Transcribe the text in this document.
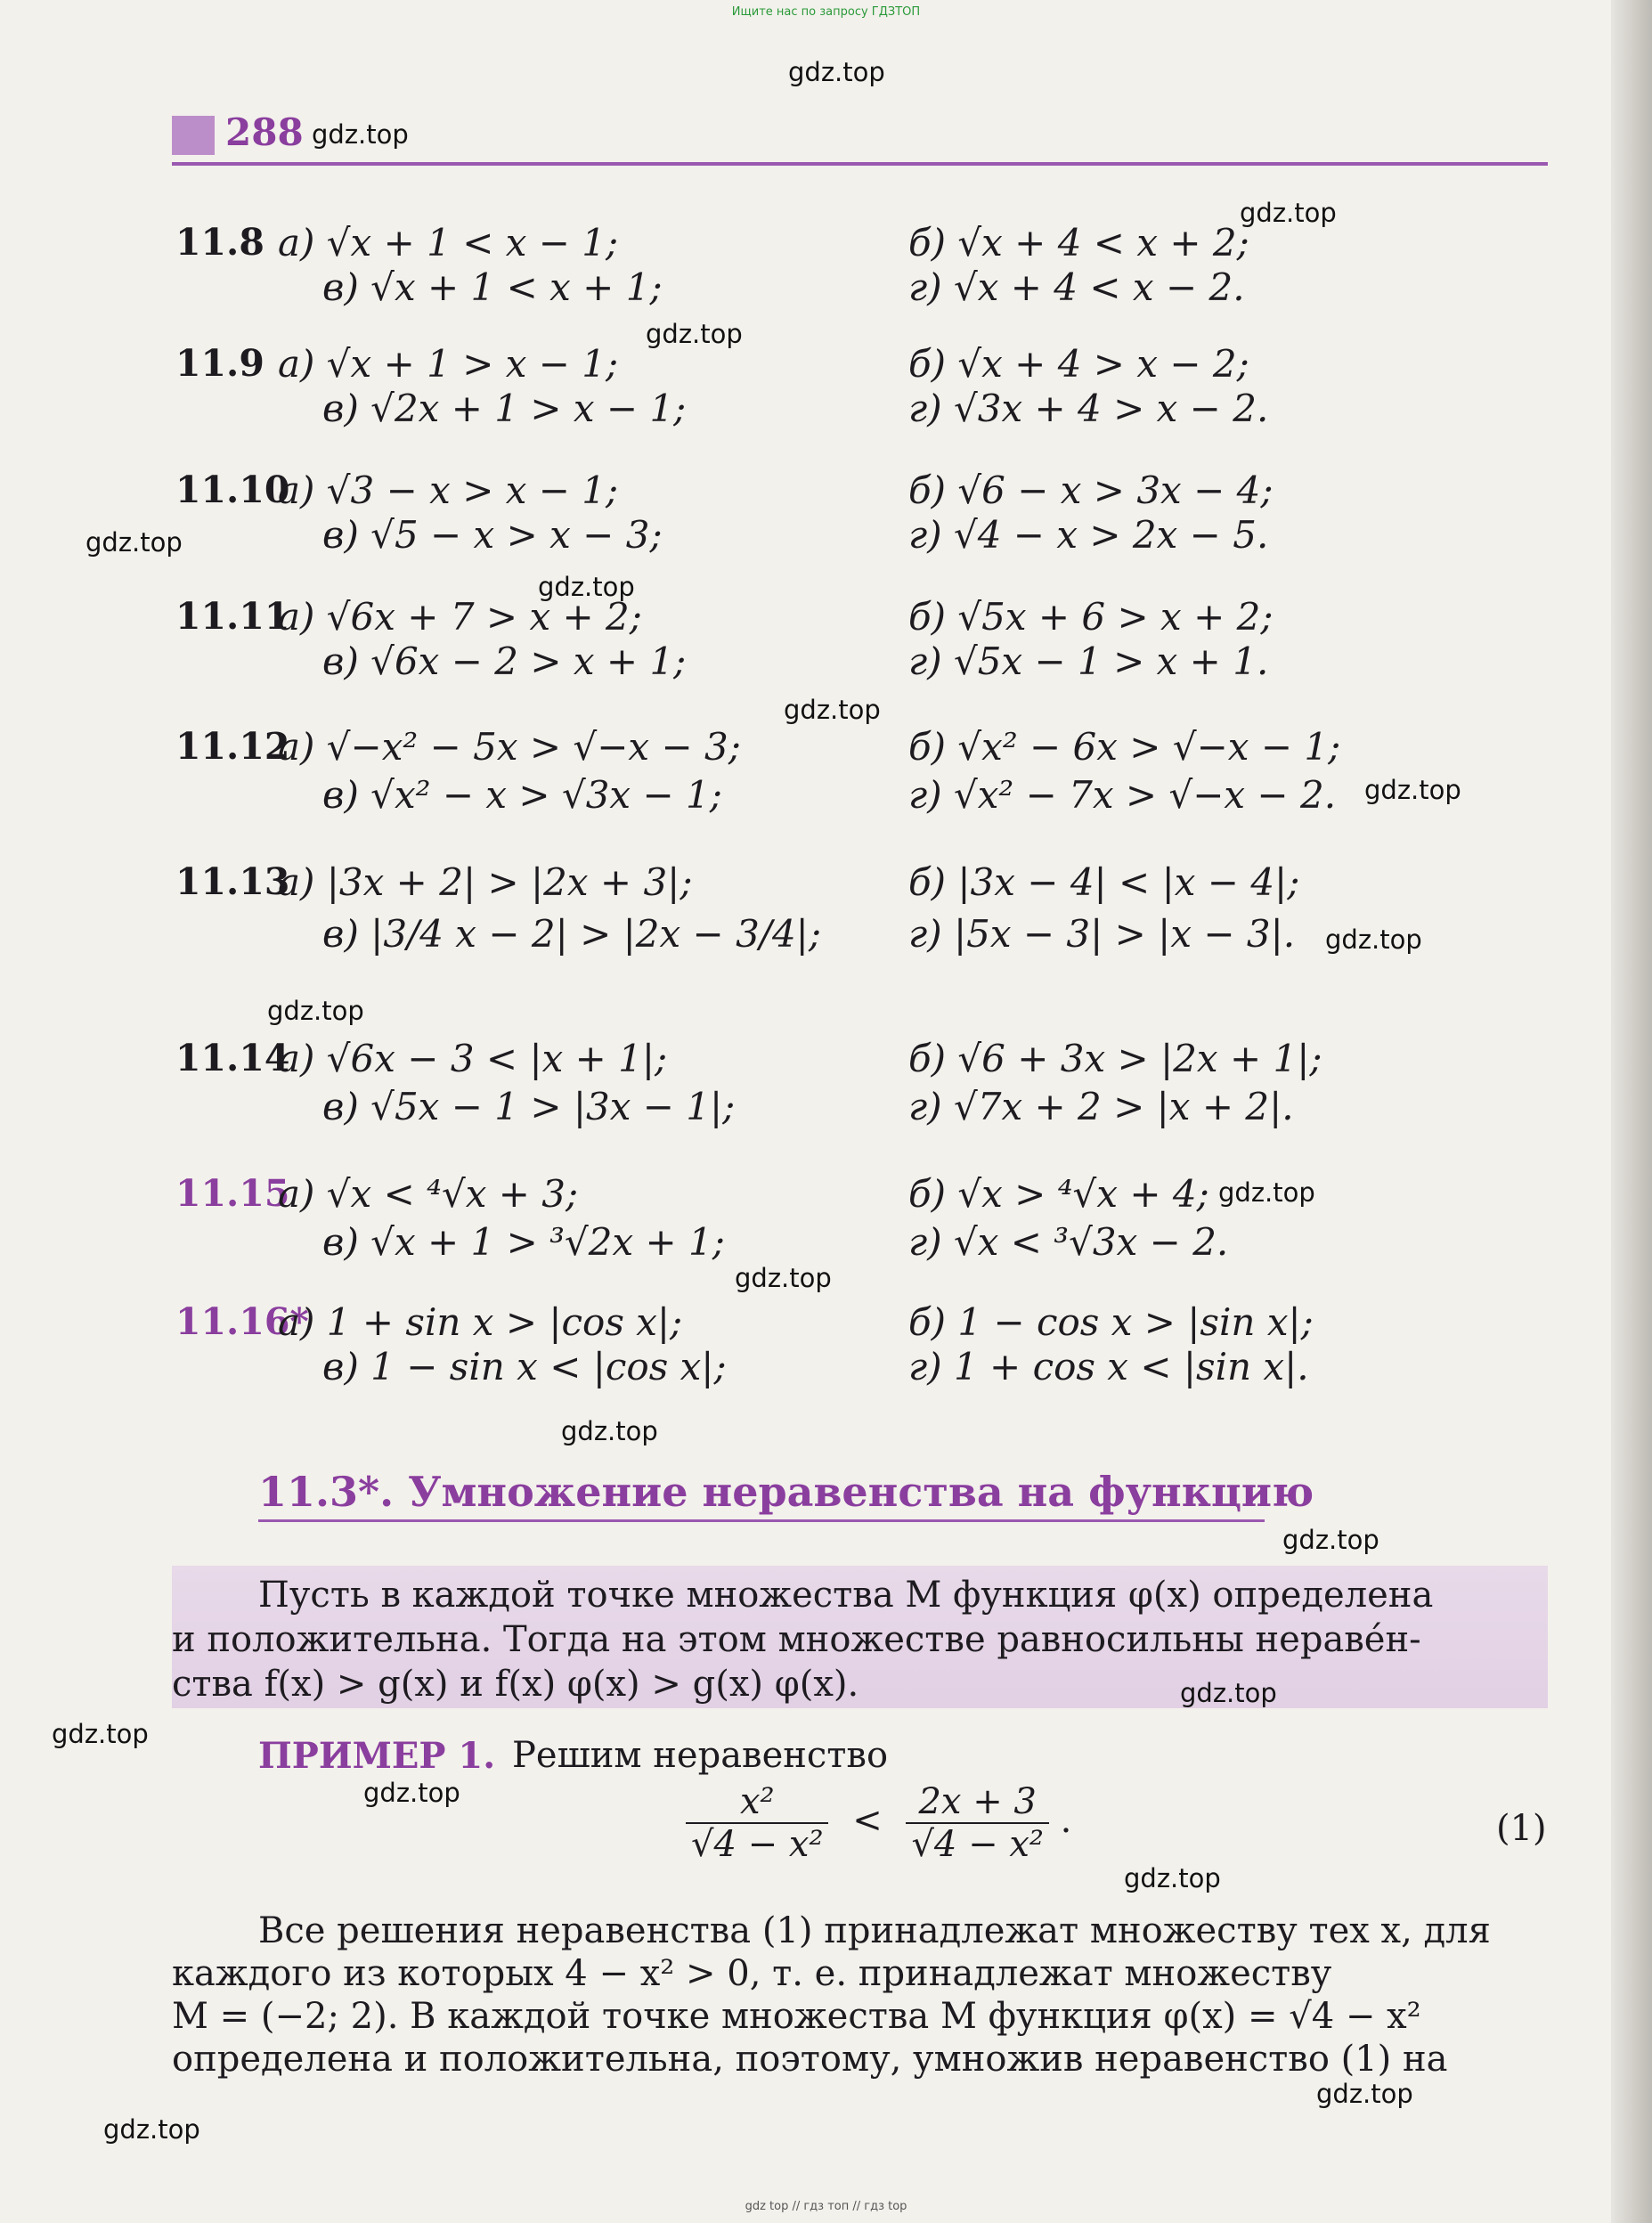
Ищите нас по запросу ГДЗТОП
288
11.8 а) √x + 1 < x − 1;	б) √x + 4 < x + 2;
в) √x + 1 < x + 1;	г) √x + 4 < x − 2.
11.9 а) √x + 1 > x − 1;	б) √x + 4 > x − 2;
в) √2x + 1 > x − 1;	г) √3x + 4 > x − 2.
11.10
а) √3 − x > x − 1;	б) √6 − x > 3x − 4;
в) √5 − x > x − 3;	г) √4 − x > 2x − 5.
11.11
а) √6x + 7 > x + 2;	б) √5x + 6 > x + 2;
в) √6x − 2 > x + 1;	г) √5x − 1 > x + 1.
11.12
а) √−x² − 5x > √−x − 3;	б) √x² − 6x > √−x − 1;
в) √x² − x > √3x − 1;	г) √x² − 7x > √−x − 2.
11.13
а) |3x + 2| > |2x + 3|;	б) |3x − 4| < |x − 4|;
в) |3/4 x − 2| > |2x − 3/4|; г) |5x − 3| > |x − 3|.
11.14
а) √6x − 3 < |x + 1|;	б) √6 + 3x > |2x + 1|;
в) √5x − 1 > |3x − 1|;	г) √7x + 2 > |x + 2|.
11.15
а) √x < ⁴√x + 3;	б) √x > ⁴√x + 4;
в) √x + 1 > ³√2x + 1;	г) √x < ³√3x − 2.
11.16*
а) 1 + sin x > |cos x|;	б) 1 − cos x > |sin x|;
в) 1 − sin x < |cos x|;	г) 1 + cos x < |sin x|.
11.3*. Умножение неравенства на функцию
Пусть в каждой точке множества M функция φ(x) определена
и положительна. Тогда на этом множестве равносильны нераве́н-
ства f(x) > g(x) и f(x) φ(x) > g(x) φ(x).
ПРИМЕР 1. Решим неравенство
$\frac{\text{x²}}{\text{√4 − x²}} < \frac{2x + 3}{\text{√4 − x²}}$ .	(1)
Все решения неравенства (1) принадлежат множеству тех x, для
каждого из которых 4 − x² > 0, т. е. принадлежат множеству
M = (−2; 2). В каждой точке множества M функция φ(x) = √4 − x²
определена и положительна, поэтому, умножив неравенство (1) на
gdz.top
gdz.top
gdz.top
gdz.top
gdz.top
gdz.top
gdz.top
gdz.top
gdz.top
gdz.top
gdz.top
gdz.top
gdz.top
gdz.top
gdz.top
gdz.top
gdz.top
gdz.top
gdz.top
gdz.top
gdz top // гдз топ // гдз top
